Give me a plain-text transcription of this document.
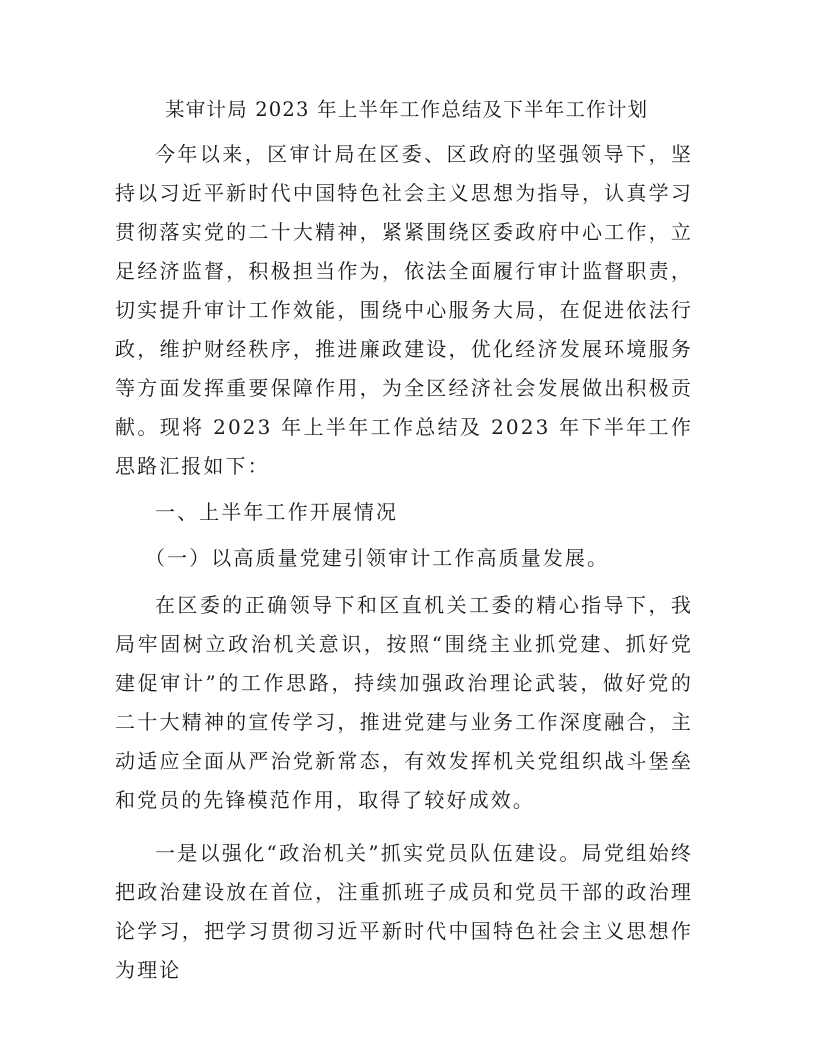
某审计局 2023 年上半年工作总结及下半年工作计划

今年以来，区审计局在区委、区政府的坚强领导下，坚持以习近平新时代中国特色社会主义思想为指导，认真学习贯彻落实党的二十大精神，紧紧围绕区委政府中心工作，立足经济监督，积极担当作为，依法全面履行审计监督职责，切实提升审计工作效能，围绕中心服务大局，在促进依法行政，维护财经秩序，推进廉政建设，优化经济发展环境服务等方面发挥重要保障作用，为全区经济社会发展做出积极贡献。现将 2023 年上半年工作总结及 2023 年下半年工作思路汇报如下：

一、上半年工作开展情况

（一）以高质量党建引领审计工作高质量发展。

在区委的正确领导下和区直机关工委的精心指导下，我局牢固树立政治机关意识，按照“围绕主业抓党建、抓好党建促审计”的工作思路，持续加强政治理论武装，做好党的二十大精神的宣传学习，推进党建与业务工作深度融合，主动适应全面从严治党新常态，有效发挥机关党组织战斗堡垒和党员的先锋模范作用，取得了较好成效。

一是以强化“政治机关”抓实党员队伍建设。局党组始终把政治建设放在首位，注重抓班子成员和党员干部的政治理论学习，把学习贯彻习近平新时代中国特色社会主义思想作为理论
